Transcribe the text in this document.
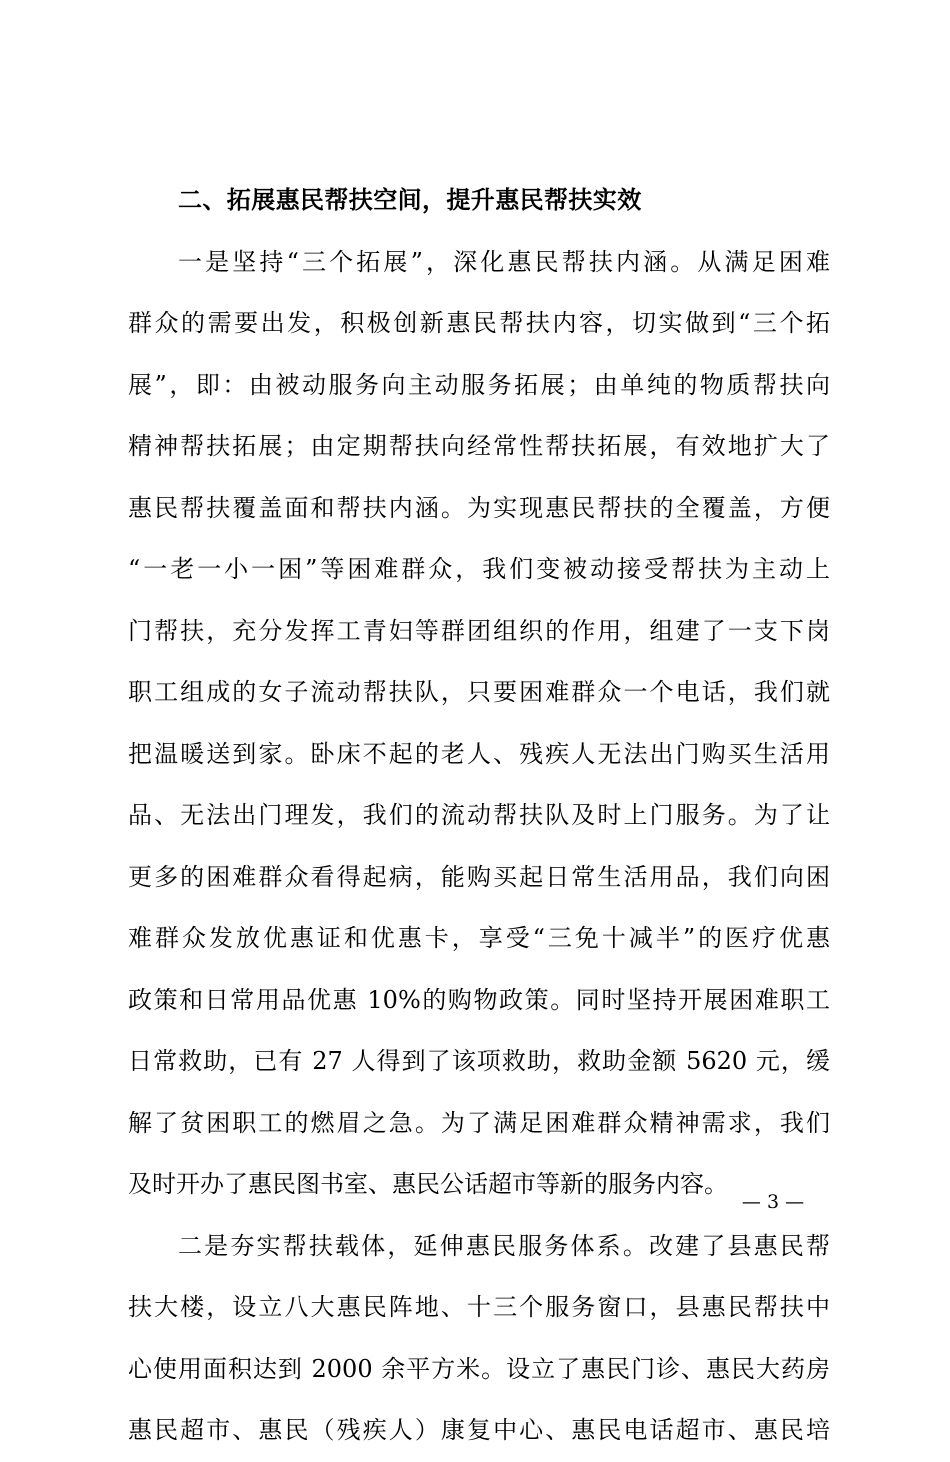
二、拓展惠民帮扶空间，提升惠民帮扶实效
一是坚持“三个拓展”，深化惠民帮扶内涵。从满足困难
群众的需要出发，积极创新惠民帮扶内容，切实做到“三个拓
展”，即：由被动服务向主动服务拓展；由单纯的物质帮扶向
精神帮扶拓展；由定期帮扶向经常性帮扶拓展，有效地扩大了
惠民帮扶覆盖面和帮扶内涵。为实现惠民帮扶的全覆盖，方便
“一老一小一困”等困难群众，我们变被动接受帮扶为主动上
门帮扶，充分发挥工青妇等群团组织的作用，组建了一支下岗
职工组成的女子流动帮扶队，只要困难群众一个电话，我们就
把温暖送到家。卧床不起的老人、残疾人无法出门购买生活用
品、无法出门理发，我们的流动帮扶队及时上门服务。为了让
更多的困难群众看得起病，能购买起日常生活用品，我们向困
难群众发放优惠证和优惠卡，享受“三免十减半”的医疗优惠
政策和日常用品优惠 10%的购物政策。同时坚持开展困难职工
日常救助，已有 27 人得到了该项救助，救助金额 5620 元，缓
解了贫困职工的燃眉之急。为了满足困难群众精神需求，我们
及时开办了惠民图书室、惠民公话超市等新的服务内容。
二是夯实帮扶载体，延伸惠民服务体系。改建了县惠民帮
扶大楼，设立八大惠民阵地、十三个服务窗口，县惠民帮扶中
心使用面积达到 2000 余平方米。设立了惠民门诊、惠民大药房
惠民超市、惠民（残疾人）康复中心、惠民电话超市、惠民培
— 3 —
